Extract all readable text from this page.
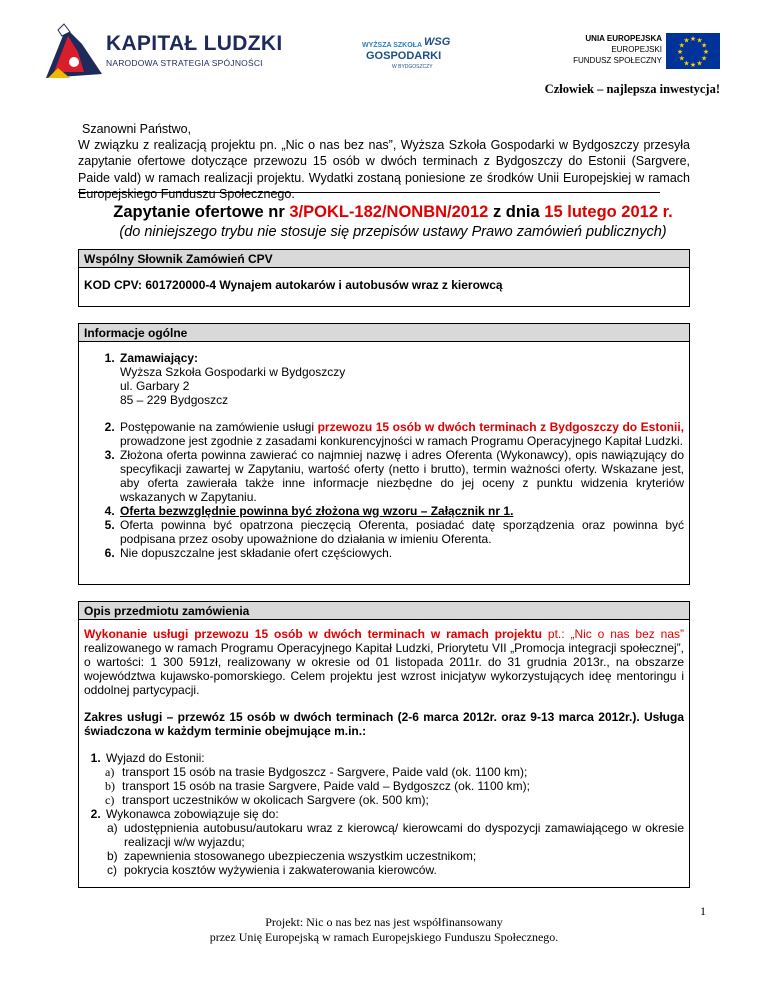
KAPITAŁ LUDZKI
NARODOWA STRATEGIA SPÓJNOŚCI
WYŻSZA SZKOŁA
GOSPODARKI
W BYDGOSZCZY
WSG	UNIA EUROPEJSKA
EUROPEJSKI
FUNDUSZ SPOŁECZNY
★ ★
★
★
★
★
★
★
★
★
★
★
Człowiek – najlepsza inwestycja!
Szanowni Państwo,
W związku z realizacją projektu pn. „Nic o nas bez nas”, Wyższa Szkoła Gospodarki w Bydgoszczy przesyła zapytanie ofertowe dotyczące przewozu 15 osób w dwóch terminach z Bydgoszczy do Estonii (Sargvere, Paide vald) w ramach realizacji projektu. Wydatki zostaną poniesione ze środków Unii Europejskiej w ramach Europejskiego Funduszu Społecznego.
Zapytanie ofertowe nr 3/POKL-182/NONBN/2012 z dnia 15 lutego 2012 r.
(do niniejszego trybu nie stosuje się przepisów ustawy Prawo zamówień publicznych)
Wspólny Słownik Zamówień CPV
KOD CPV: 601720000-4 Wynajem autokarów i autobusów wraz z kierowcą
Informacje ogólne
1. Zamawiający:
Wyższa Szkoła Gospodarki w Bydgoszczy
ul. Garbary 2
85 – 229 Bydgoszcz
2. Postępowanie na zamówienie usługi przewozu 15 osób w dwóch terminach z Bydgoszczy do Estonii, prowadzone jest zgodnie z zasadami konkurencyjności w ramach Programu Operacyjnego Kapitał Ludzki.
3. Złożona oferta powinna zawierać co najmniej nazwę i adres Oferenta (Wykonawcy), opis nawiązujący do specyfikacji zawartej w Zapytaniu, wartość oferty (netto i brutto), termin ważności oferty. Wskazane jest, aby oferta zawierała także inne informacje niezbędne do jej oceny z punktu widzenia kryteriów wskazanych w Zapytaniu.
4. Oferta bezwzględnie powinna być złożona wg wzoru – Załącznik nr 1.
5. Oferta powinna być opatrzona pieczęcią Oferenta, posiadać datę sporządzenia oraz powinna być podpisana przez osoby upoważnione do działania w imieniu Oferenta.
6. Nie dopuszczalne jest składanie ofert częściowych.
Opis przedmiotu zamówienia
Wykonanie usługi przewozu 15 osób w dwóch terminach w ramach projektu pt.: „Nic o nas bez nas” realizowanego w ramach Programu Operacyjnego Kapitał Ludzki, Priorytetu VII „Promocja integracji społecznej”, o wartości: 1 300 591zł, realizowany w okresie od 01 listopada 2011r. do 31 grudnia 2013r., na obszarze województwa kujawsko-pomorskiego. Celem projektu jest wzrost inicjatyw wykorzystujących ideę mentoringu i oddolnej partycypacji.
Zakres usługi – przewóz 15 osób w dwóch terminach (2-6 marca 2012r. oraz 9-13 marca 2012r.). Usługa świadczona w każdym terminie obejmujące m.in.:
1. Wyjazd do Estonii:
a) transport 15 osób na trasie Bydgoszcz - Sargvere, Paide vald (ok. 1100 km);
b) transport 15 osób na trasie Sargvere, Paide vald – Bydgoszcz (ok. 1100 km);
c) transport uczestników w okolicach Sargvere (ok. 500 km);
2. Wykonawca zobowiązuje się do:
a) udostępnienia autobusu/autokaru wraz z kierowcą/ kierowcami do dyspozycji zamawiającego w okresie realizacji w/w wyjazdu;
b) zapewnienia stosowanego ubezpieczenia wszystkim uczestnikom;
c) pokrycia kosztów wyżywienia i zakwaterowania kierowców.
1
Projekt: Nic o nas bez nas jest współfinansowany
przez Unię Europejską w ramach Europejskiego Funduszu Społecznego.
